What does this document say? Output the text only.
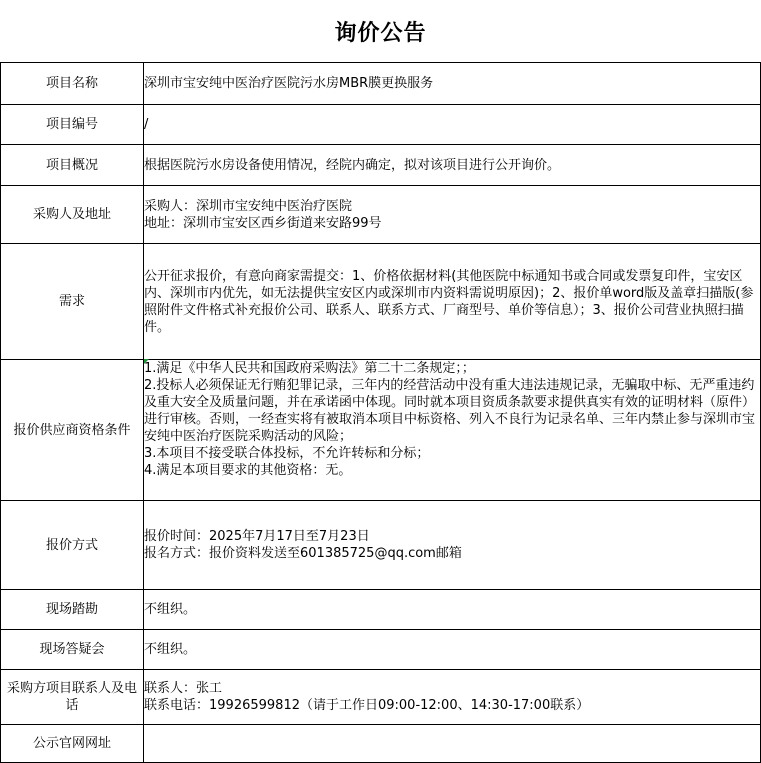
询价公告
项目名称	深圳市宝安纯中医治疗医院污水房MBR膜更换服务

项目编号	/

项目概况	根据医院污水房设备使用情况，经院内确定，拟对该项目进行公开询价。

采购人及地址	采购人：深圳市宝安纯中医治疗医院
地址：深圳市宝安区西乡街道来安路99号

需求	公开征求报价，有意向商家需提交：1、价格依据材料(其他医院中标通知书或合同或发票复印件，宝安区内、深圳市内优先，如无法提供宝安区内或深圳市内资料需说明原因)；2、报价单word版及盖章扫描版(参照附件文件格式补充报价公司、联系人、联系方式、厂商型号、单价等信息）；3、报价公司营业执照扫描件。

报价供应商资格条件	1.满足《中华人民共和国政府采购法》第二十二条规定；；
2.投标人必须保证无行贿犯罪记录，三年内的经营活动中没有重大违法违规记录，无骗取中标、无严重违约及重大安全及质量问题，并在承诺函中体现。同时就本项目资质条款要求提供真实有效的证明材料（原件）进行审核。否则，一经查实将有被取消本项目中标资格、列入不良行为记录名单、三年内禁止参与深圳市宝安纯中医治疗医院采购活动的风险；
3.本项目不接受联合体投标，不允许转标和分标；
4.满足本项目要求的其他资格：无。

报价方式	报价时间：2025年7月17日至7月23日
报名方式：报价资料发送至601385725@qq.com邮箱

现场踏勘	不组织。

现场答疑会	不组织。

采购方项目联系人及电话	联系人：张工
联系电话：19926599812（请于工作日09:00-12:00、14:30-17:00联系）

公示官网网址	
